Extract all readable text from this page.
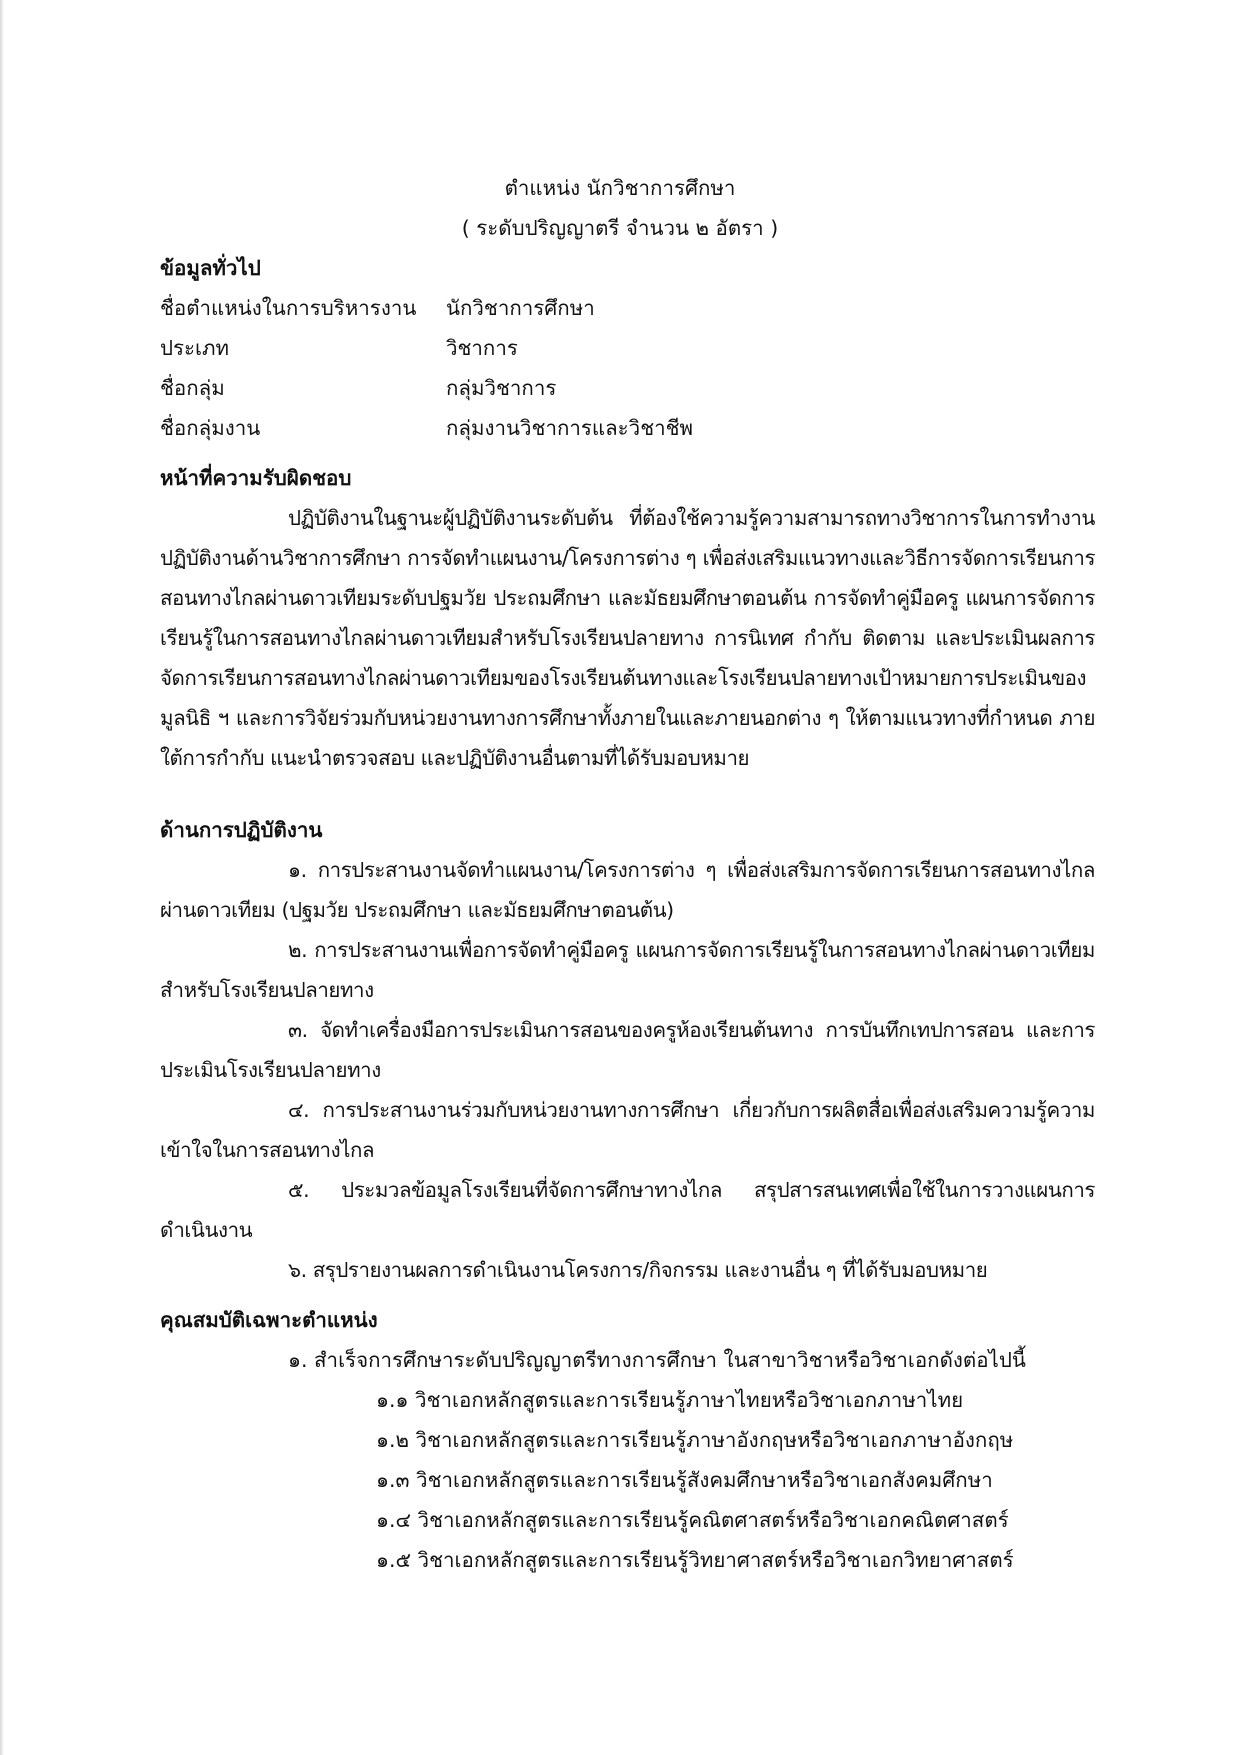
ตำแหน่ง นักวิชาการศึกษา
( ระดับปริญญาตรี จำนวน ๒ อัตรา )
ข้อมูลทั่วไป
ชื่อตำแหน่งในการบริหารงาน	นักวิชาการศึกษา
ประเภท	วิชาการ
ชื่อกลุ่ม	กลุ่มวิชาการ
ชื่อกลุ่มงาน	กลุ่มงานวิชาการและวิชาชีพ
หน้าที่ความรับผิดชอบ

ปฏิบัติงานในฐานะผู้ปฏิบัติงานระดับต้น ที่ต้องใช้ความรู้ความสามารถทางวิชาการในการทำงาน ปฏิบัติงานด้านวิชาการศึกษา การจัดทำแผนงาน/โครงการต่าง ๆ เพื่อส่งเสริมแนวทางและวิธีการจัดการเรียนการสอนทางไกลผ่านดาวเทียมระดับปฐมวัย ประถมศึกษา และมัธยมศึกษาตอนต้น การจัดทำคู่มือครู แผนการจัดการเรียนรู้ในการสอนทางไกลผ่านดาวเทียมสำหรับโรงเรียนปลายทาง การนิเทศ กำกับ ติดตาม และประเมินผลการจัดการเรียนการสอนทางไกลผ่านดาวเทียมของโรงเรียนต้นทางและโรงเรียนปลายทางเป้าหมายการประเมินของมูลนิธิ ฯ และการวิจัยร่วมกับหน่วยงานทางการศึกษาทั้งภายในและภายนอกต่าง ๆ ให้ตามแนวทางที่กำหนด ภายใต้การกำกับ แนะนำตรวจสอบ และปฏิบัติงานอื่นตามที่ได้รับมอบหมาย

ด้านการปฏิบัติงาน

๑. การประสานงานจัดทำแผนงาน/โครงการต่าง ๆ เพื่อส่งเสริมการจัดการเรียนการสอนทางไกลผ่านดาวเทียม (ปฐมวัย ประถมศึกษา และมัธยมศึกษาตอนต้น)

๒. การประสานงานเพื่อการจัดทำคู่มือครู แผนการจัดการเรียนรู้ในการสอนทางไกลผ่านดาวเทียมสำหรับโรงเรียนปลายทาง

๓. จัดทำเครื่องมือการประเมินการสอนของครูห้องเรียนต้นทาง การบันทึกเทปการสอน และการประเมินโรงเรียนปลายทาง

๔. การประสานงานร่วมกับหน่วยงานทางการศึกษา เกี่ยวกับการผลิตสื่อเพื่อส่งเสริมความรู้ความเข้าใจในการสอนทางไกล

๕. ประมวลข้อมูลโรงเรียนที่จัดการศึกษาทางไกล สรุปสารสนเทศเพื่อใช้ในการวางแผนการดำเนินงาน

๖. สรุปรายงานผลการดำเนินงานโครงการ/กิจกรรม และงานอื่น ๆ ที่ได้รับมอบหมาย

คุณสมบัติเฉพาะตำแหน่ง

๑. สำเร็จการศึกษาระดับปริญญาตรีทางการศึกษา ในสาขาวิชาหรือวิชาเอกดังต่อไปนี้

๑.๑ วิชาเอกหลักสูตรและการเรียนรู้ภาษาไทยหรือวิชาเอกภาษาไทย

๑.๒ วิชาเอกหลักสูตรและการเรียนรู้ภาษาอังกฤษหรือวิชาเอกภาษาอังกฤษ

๑.๓ วิชาเอกหลักสูตรและการเรียนรู้สังคมศึกษาหรือวิชาเอกสังคมศึกษา

๑.๔ วิชาเอกหลักสูตรและการเรียนรู้คณิตศาสตร์หรือวิชาเอกคณิตศาสตร์

๑.๕ วิชาเอกหลักสูตรและการเรียนรู้วิทยาศาสตร์หรือวิชาเอกวิทยาศาสตร์
